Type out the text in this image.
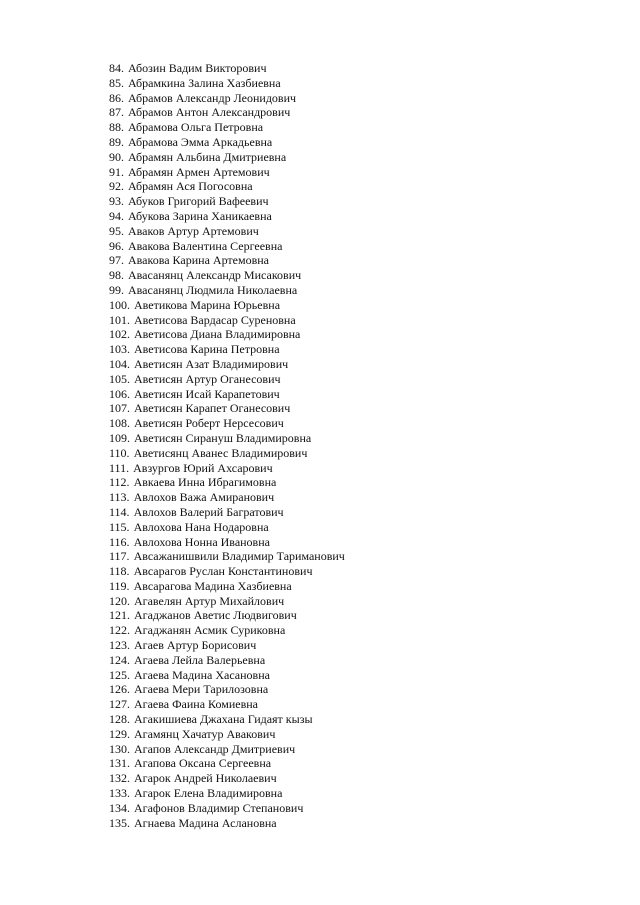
84. Абозин Вадим Викторович
85. Абрамкина Залина Хазбиевна
86. Абрамов Александр Леонидович
87. Абрамов Антон Александрович
88. Абрамова Ольга Петровна
89. Абрамова Эмма Аркадьевна
90. Абрамян Альбина Дмитриевна
91. Абрамян Армен Артемович
92. Абрамян Ася Погосовна
93. Абуков Григорий Вафеевич
94. Абукова Зарина Ханикаевна
95. Аваков Артур Артемович
96. Авакова Валентина Сергеевна
97. Авакова Карина Артемовна
98. Авасанянц Александр Мисакович
99. Авасанянц Людмила Николаевна
100. Аветикова Марина Юрьевна
101. Аветисова Вардасар Суреновна
102. Аветисова Диана Владимировна
103. Аветисова Карина Петровна
104. Аветисян Азат Владимирович
105. Аветисян Артур Оганесович
106. Аветисян Исай Карапетович
107. Аветисян Карапет Оганесович
108. Аветисян Роберт Нерсесович
109. Аветисян Сирануш Владимировна
110. Аветисянц Аванес Владимирович
111. Авзургов Юрий Ахсарович
112. Авкаева Инна Ибрагимовна
113. Авлохов Важа Амиранович
114. Авлохов Валерий Багратович
115. Авлохова Нана Нодаровна
116. Авлохова Нонна Ивановна
117. Авсажанишвили Владимир Тариманович
118. Авсарагов Руслан Константинович
119. Авсарагова Мадина Хазбиевна
120. Агавелян Артур Михайлович
121. Агаджанов Аветис Людвигович
122. Агаджанян Асмик Суриковна
123. Агаев Артур Борисович
124. Агаева Лейла Валерьевна
125. Агаева Мадина Хасановна
126. Агаева Мери Тарилозовна
127. Агаева Фаина Комиевна
128. Агакишиева Джахана Гидаят кызы
129. Агамянц Хачатур Авакович
130. Агапов Александр Дмитриевич
131. Агапова Оксана Сергеевна
132. Агарок Андрей Николаевич
133. Агарок Елена Владимировна
134. Агафонов Владимир Степанович
135. Агнаева Мадина Аслановна
